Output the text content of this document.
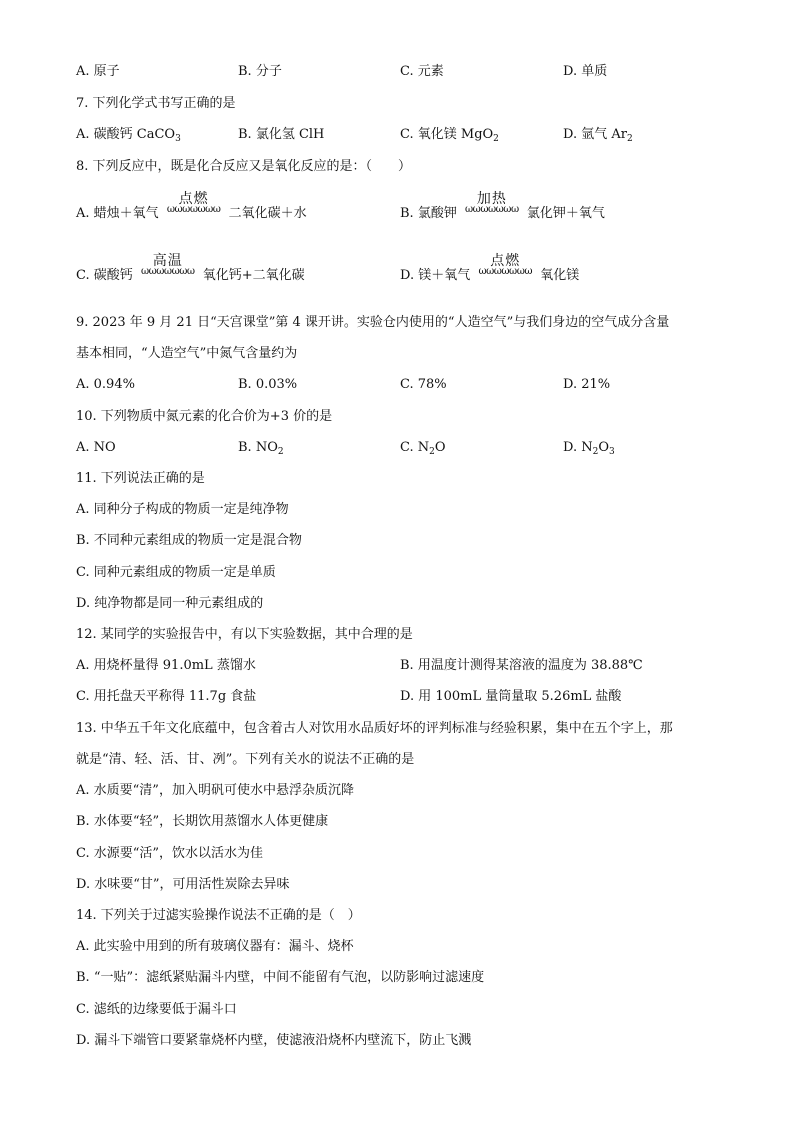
A. 原子	B. 分子	C. 元素	D. 单质
7. 下列化学式书写正确的是
A. 碳酸钙 CaCO$_3$	B. 氯化氢 ClH	C. 氧化镁 MgO$_2$	D. 氩气 $Ar_2$
8. 下列反应中，既是化合反应又是氧化反应的是：（　　）
A. 蜡烛＋氧气
点燃
ωωωωωωω 二氧化碳＋水	B. 氯酸钾
加热
ωωωωωωω 氯化钾＋氧气
C. 碳酸钙
高温
ωωωωωωω 氧化钙+二氧化碳	D. 镁＋氧气
点燃
ωωωωωωω 氧化镁
9. 2023 年 9 月 21 日“天宫课堂”第 4 课开讲。实验仓内使用的“人造空气”与我们身边的空气成分含量
基本相同，“人造空气”中氮气含量约为
A. 0.94%	B. 0.03%	C. 78%	D. 21%
10. 下列物质中氮元素的化合价为+3 价的是
A. NO	B. $NO_2$	C. $N_2O$	D. $N_2O_3$
11. 下列说法正确的是
A. 同种分子构成的物质一定是纯净物
B. 不同种元素组成的物质一定是混合物
C. 同种元素组成的物质一定是单质
D. 纯净物都是同一种元素组成的
12. 某同学的实验报告中，有以下实验数据，其中合理的是
A. 用烧杯量得 91.0mL 蒸馏水	B. 用温度计测得某溶液的温度为 38.88℃
C. 用托盘天平称得 11.7g 食盐	D. 用 100mL 量筒量取 5.26mL 盐酸
13. 中华五千年文化底蕴中，包含着古人对饮用水品质好坏的评判标准与经验积累，集中在五个字上，那
就是“清、轻、活、甘、冽”。下列有关水的说法不正确的是
A. 水质要“清”，加入明矾可使水中悬浮杂质沉降
B. 水体要“轻”，长期饮用蒸馏水人体更健康
C. 水源要“活”，饮水以活水为佳
D. 水味要“甘”，可用活性炭除去异味
14. 下列关于过滤实验操作说法不正确的是（　）
A. 此实验中用到的所有玻璃仪器有：漏斗、烧杯
B. “一贴”：滤纸紧贴漏斗内壁，中间不能留有气泡，以防影响过滤速度
C. 滤纸的边缘要低于漏斗口
D. 漏斗下端管口要紧靠烧杯内壁，使滤液沿烧杯内壁流下，防止飞溅
